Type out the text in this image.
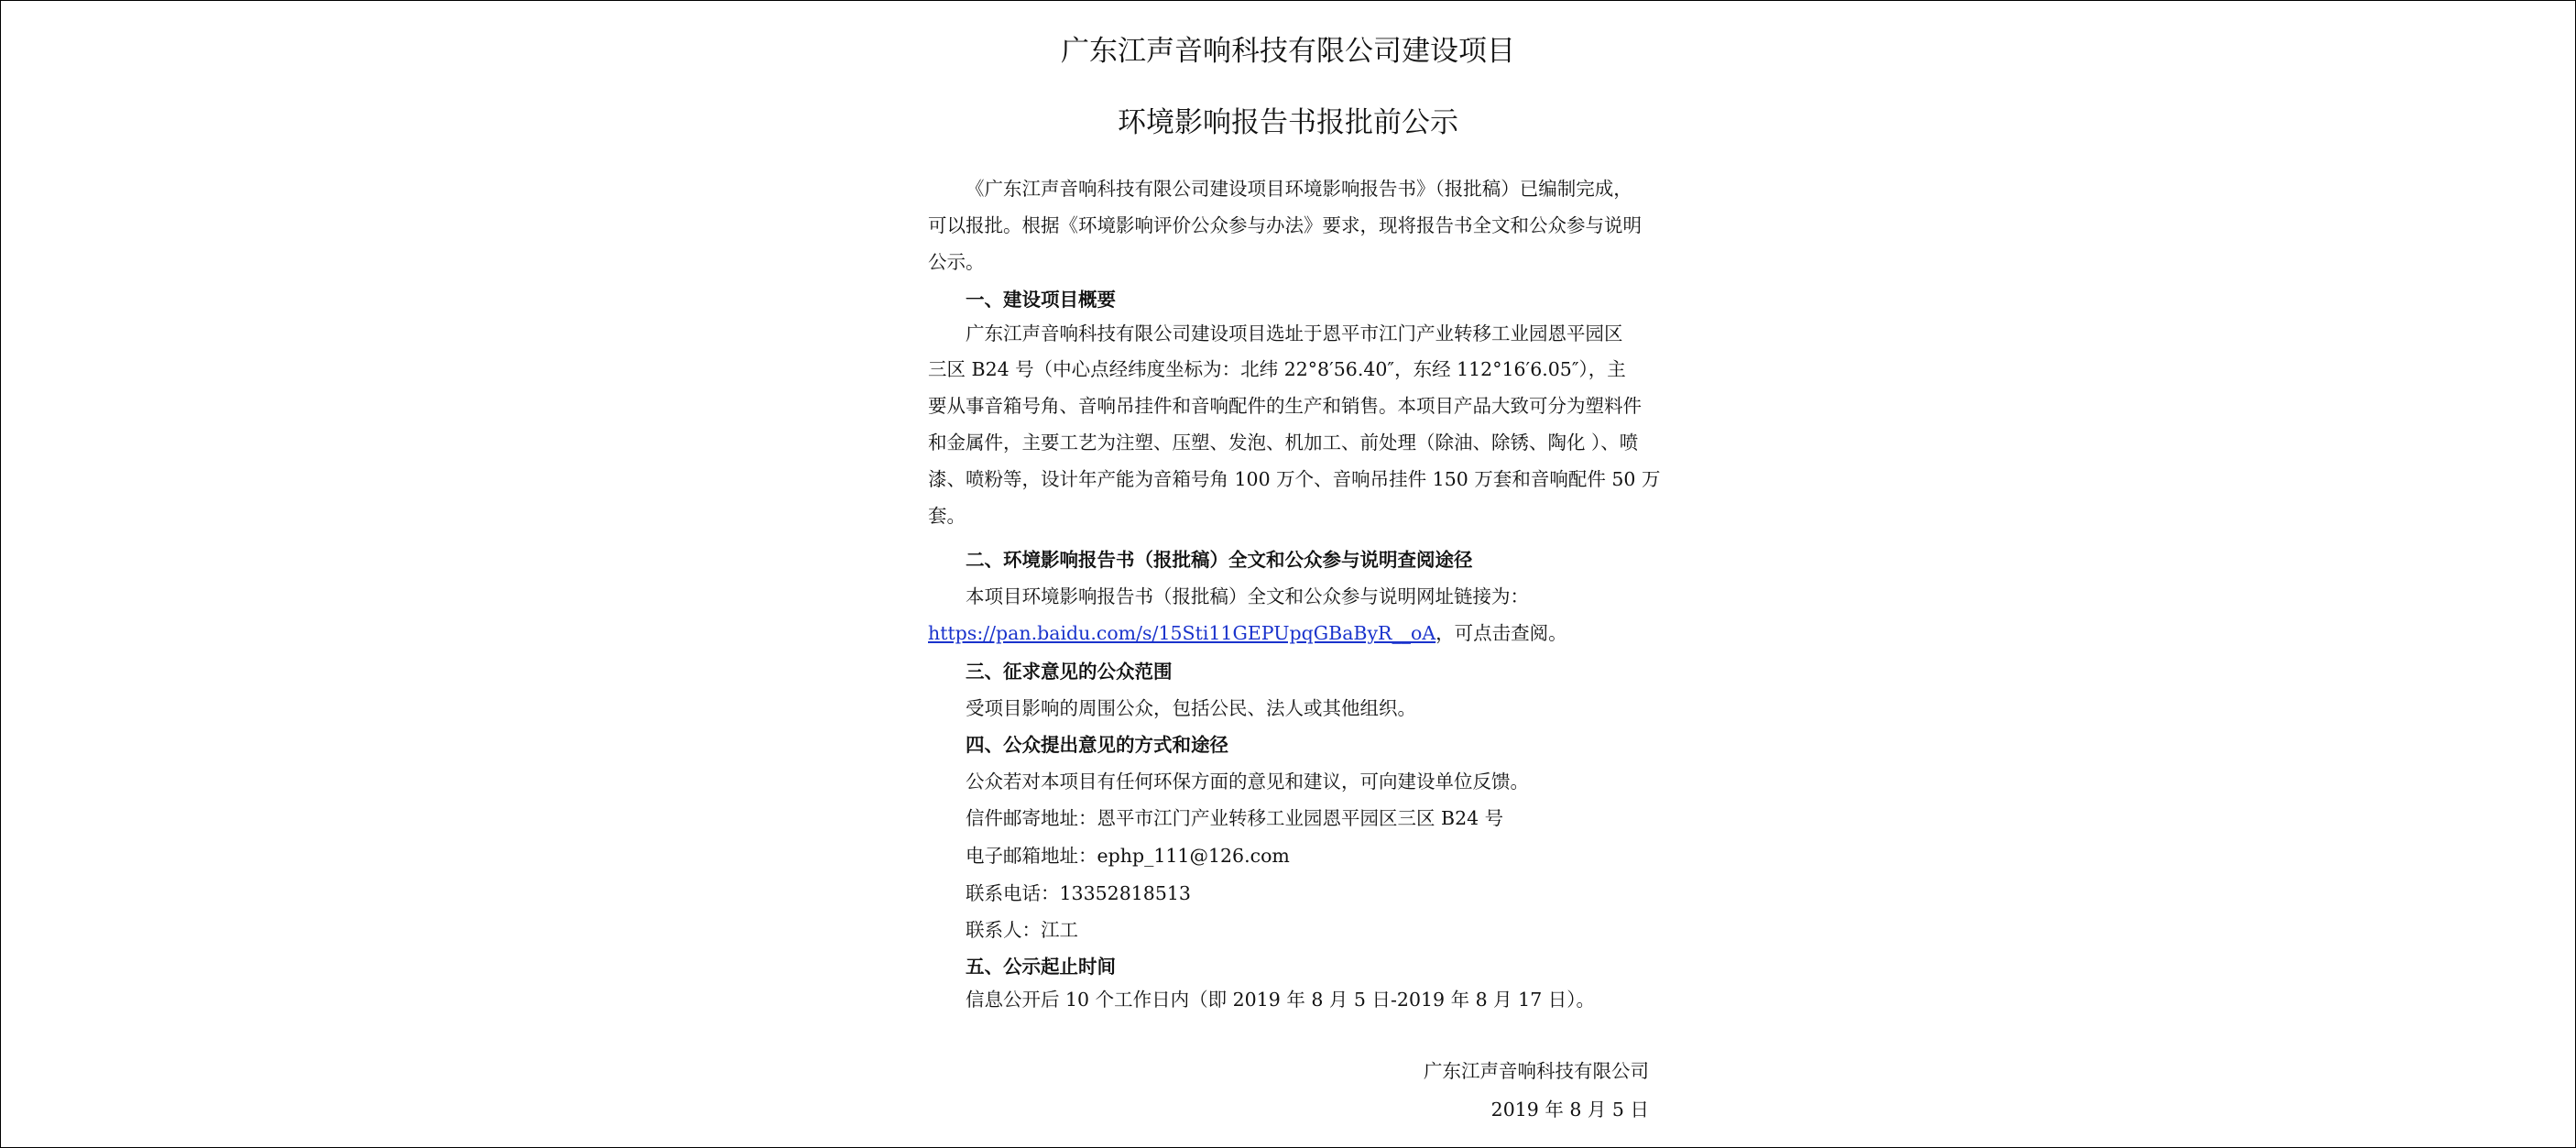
广东江声音响科技有限公司建设项目
环境影响报告书报批前公示
《广东江声音响科技有限公司建设项目环境影响报告书》（报批稿）已编制完成，
可以报批。根据《环境影响评价公众参与办法》要求，现将报告书全文和公众参与说明
公示。
一、建设项目概要
广东江声音响科技有限公司建设项目选址于恩平市江门产业转移工业园恩平园区
三区 B24 号（中心点经纬度坐标为：北纬 22°8′56.40″，东经 112°16′6.05″），主
要从事音箱号角、音响吊挂件和音响配件的生产和销售。本项目产品大致可分为塑料件
和金属件，主要工艺为注塑、压塑、发泡、机加工、前处理（除油、除锈、陶化 ）、喷
漆、喷粉等，设计年产能为音箱号角 100 万个、音响吊挂件 150 万套和音响配件 50 万
套。
二、环境影响报告书（报批稿）全文和公众参与说明查阅途径
本项目环境影响报告书（报批稿）全文和公众参与说明网址链接为：
https://pan.baidu.com/s/15Sti11GEPUpqGBaByR__oA，可点击查阅。
三、征求意见的公众范围
受项目影响的周围公众，包括公民、法人或其他组织。
四、公众提出意见的方式和途径
公众若对本项目有任何环保方面的意见和建议，可向建设单位反馈。
信件邮寄地址：恩平市江门产业转移工业园恩平园区三区 B24 号
电子邮箱地址：ephp_111@126.com
联系电话：13352818513
联系人：江工
五、公示起止时间
信息公开后 10 个工作日内（即 2019 年 8 月 5 日-2019 年 8 月 17 日）。
广东江声音响科技有限公司
2019 年 8 月 5 日
